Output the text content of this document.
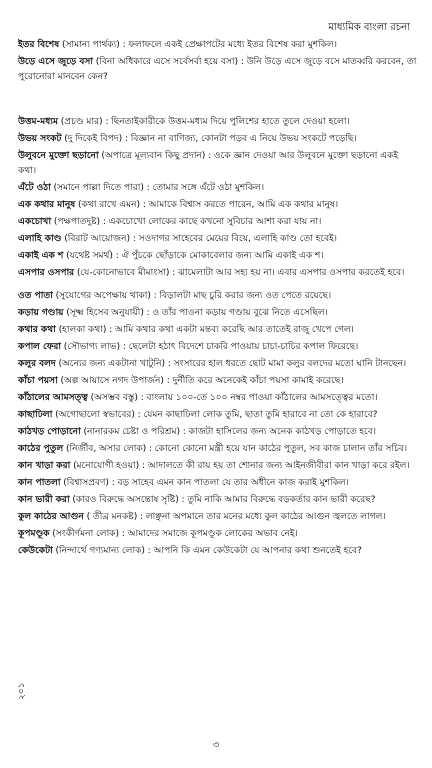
মাধ্যমিক বাংলা রচনা

ইতর বিশেষ (সামান্য পার্থক্য) : ফলাফলে একই প্রেক্ষাপটের মধ্যে ইতর বিশেষ করা মুশকিল।

উড়ে এসে জুড়ে বসা (বিনা অধিকারে এসে সর্বেসর্বা হয়ে বসা) : উনি উড়ে এসে জুড়ে বসে মাতব্বরি করবেন, তা পুরোনোরা মানবেন কেন?

উত্তম-মধ্যম (প্রচণ্ড মার) : ছিনতাইকারীকে উত্তম-মধ্যম দিয়ে পুলিশের হাতে তুলে দেওয়া হলো।

উভয় সংকট (দু দিকেই বিপদ) : বিজ্ঞান না বাণিজ্য, কোনটা পড়ব এ নিয়ে উভয় সংকটে পড়েছি।

উলুবনে মুক্তো ছড়ানো (অপাত্রে মূল্যবান কিছু প্রদান) : ওকে জ্ঞান দেওয়া আর উলুবনে মুক্তো ছড়ানো একই কথা।

এঁটে ওঠা (সমানে পাল্লা দিতে পারা) : তোমার সঙ্গে এঁটে ওঠা মুশকিল।

এক কথার মানুষ (কথা রাখে এমন) : আমাকে বিশ্বাস করতে পারেন, আমি এক কথার মানুষ।

একচোখা (পক্ষপাতদুষ্ট) : একচোখো লোকের কাছে কখনো সুবিচার আশা করা যায় না।

এলাহি কাণ্ড (বিরাট আয়োজন) : সওদাগর সাহেবের মেয়ের বিয়ে, এলাহি কাণ্ড তো হবেই।

একাই এক শ (যথেষ্ট সমর্থ) : ঐ পুঁচকে ছোঁড়াকে মোকাবেলার জন্য আমি একাই এক শ।

এসপার ওসপার (যে-কোনোভাবে মীমাংসা) : ঝামেলাটা আর সহ্য হয় না। এবার এসপার ওসপার করতেই হবে।

ওত পাতা (সুযোগের অপেক্ষায় থাকা) : বিড়ালটা মাছ চুরি করার জন্য ওত পেতে রয়েছে।

কড়ায় গণ্ডায় (সূক্ষ্ম হিসেব অনুযায়ী) : ও তাঁর পাওনা কড়ায় গণ্ডায় বুঝে নিতে এসেছিল।

কথার কথা (হালকা কথা) : আমি কথার কথা একটা মন্তব্য করেছি আর তাতেই রাজু খেপে গেল।

কপাল ফেরা (সৌভাগ্য লাভ) : ছেলেটা হঠাৎ বিদেশে চাকরি পাওয়ায় চাচা-চাচির কপাল ফিরেছে।

কলুর বলদ (অন্যের জন্য একটানা খাটুনি) : সংসারের হাল ধরতে ছোট মামা কলুর বলদের মতো ঘানি টানছেন।

কাঁচা পয়সা (অল্প আয়াসে নগদ উপার্জন) : দুর্নীতি করে অনেকেই কাঁচা পয়সা কামাই করেছে।

কাঁঠালের আমসত্ত্ব (অসম্ভব বস্তু) : বাংলায় ১০০-তে ১০০ নম্বর পাওয়া কাঁঠালের আমসত্ত্বের মতো।

কাছাঢিলা (অগোছালো স্বভাবের) : যেমন কাছাঢিলা লোক তুমি, ছাতা তুমি হারাবে না তো কে হারাবে?

কাঠখড় পোড়ানো (নানারকম চেষ্টা ও পরিশ্রম) : কাজটা হাসিলের জন্য অনেক কাঠখড় পোড়াতে হবে।

কাঠের পুতুল (নির্জীব, অসার লোক) : কোনো কোনো মন্ত্রী হয়ে যান কাঠের পুতুল, সব কাজ চালান তাঁর সচিব।

কান খাড়া করা (মনোযোগী হওয়া) : আদালতে কী রায় হয় তা শোনার জন্য আইনজীবীরা কান খাড়া করে রইল।

কান পাতলা (বিশ্বাসপ্রবণ) : বড় সাহেব এমন কান পাতলা যে তার অধীনে কাজ করাই মুশকিল।

কান ভারী করা (কারও বিরুদ্ধে অসন্তোষ সৃষ্টি) : তুমি নাকি আমার বিরুদ্ধে বড়কর্তার কান ভারী করেছ?

কুল কাঠের আগুন ( তীব্র মনকষ্ট) : লাঞ্ছনা অপমানে তার মনের মধ্যে কুল কাঠের আগুন জ্বলতে লাগল।

কূপমণ্ডূক (সংকীর্ণমনা লোক) : আমাদের সমাজে কূপমণ্ডূক লোকের অভাব নেই।

কেউকেটা (নিন্দার্থে গণ্যমান্য লোক) : আপনি কি এমন কেউকেটা যে আপনার কথা শুনতেই হবে?

২০১
৩
